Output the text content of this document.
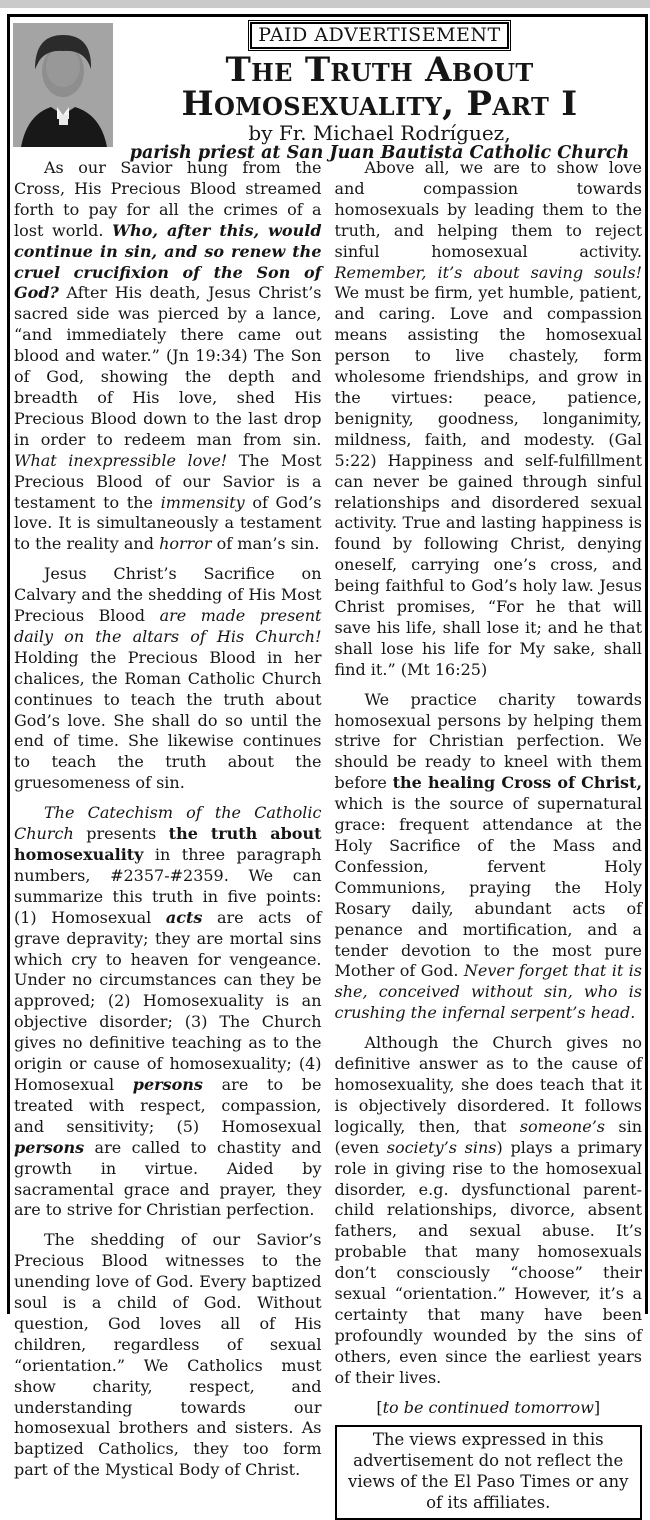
PAID ADVERTISEMENT
The Truth About
Homosexuality, Part I
by Fr. Michael Rodríguez,
parish priest at San Juan Bautista Catholic Church

As our Savior hung from the Cross, His Precious Blood streamed forth to pay for all the crimes of a lost world. Who, after this, would continue in sin, and so renew the cruel crucifixion of the Son of God? After His death, Jesus Christ’s sacred side was pierced by a lance, “and immediately there came out blood and water.” (Jn 19:34) The Son of God, showing the depth and breadth of His love, shed His Precious Blood down to the last drop in order to redeem man from sin. What inexpressible love! The Most Precious Blood of our Savior is a testament to the immensity of God’s love. It is simultaneously a testament to the reality and horror of man’s sin.

Jesus Christ’s Sacrifice on Calvary and the shedding of His Most Precious Blood are made present daily on the altars of His Church! Holding the Precious Blood in her chalices, the Roman Catholic Church continues to teach the truth about God’s love. She shall do so until the end of time. She likewise continues to teach the truth about the gruesomeness of sin.

The Catechism of the Catholic Church presents the truth about homosexuality in three paragraph numbers, #2357-#2359. We can summarize this truth in five points: (1) Homosexual acts are acts of grave depravity; they are mortal sins which cry to heaven for vengeance. Under no circumstances can they be approved; (2) Homosexuality is an objective disorder; (3) The Church gives no definitive teaching as to the origin or cause of homosexuality; (4) Homosexual persons are to be treated with respect, compassion, and sensitivity; (5) Homosexual persons are called to chastity and growth in virtue. Aided by sacramental grace and prayer, they are to strive for Christian perfection.

The shedding of our Savior’s Precious Blood witnesses to the unending love of God. Every baptized soul is a child of God. Without question, God loves all of His children, regardless of sexual “orientation.” We Catholics must show charity, respect, and understanding towards our homosexual brothers and sisters. As baptized Catholics, they too form part of the Mystical Body of Christ.

Above all, we are to show love and compassion towards homosexuals by leading them to the truth, and helping them to reject sinful homosexual activity. Remember, it’s about saving souls! We must be firm, yet humble, patient, and caring. Love and compassion means assisting the homosexual person to live chastely, form wholesome friendships, and grow in the virtues: peace, patience, benignity, goodness, longanimity, mildness, faith, and modesty. (Gal 5:22) Happiness and self-fulfillment can never be gained through sinful relationships and disordered sexual activity. True and lasting happiness is found by following Christ, denying oneself, carrying one’s cross, and being faithful to God’s holy law. Jesus Christ promises, “For he that will save his life, shall lose it; and he that shall lose his life for My sake, shall find it.” (Mt 16:25)

We practice charity towards homosexual persons by helping them strive for Christian perfection. We should be ready to kneel with them before the healing Cross of Christ, which is the source of supernatural grace: frequent attendance at the Holy Sacrifice of the Mass and Confession, fervent Holy Communions, praying the Holy Rosary daily, abundant acts of penance and mortification, and a tender devotion to the most pure Mother of God. Never forget that it is she, conceived without sin, who is crushing the infernal serpent’s head.

Although the Church gives no definitive answer as to the cause of homosexuality, she does teach that it is objectively disordered. It follows logically, then, that someone’s sin (even society’s sins) plays a primary role in giving rise to the homosexual disorder, e.g. dysfunctional parent-child relationships, divorce, absent fathers, and sexual abuse. It’s probable that many homosexuals don’t consciously “choose” their sexual “orientation.” However, it’s a certainty that many have been profoundly wounded by the sins of others, even since the earliest years of their lives.

[to be continued tomorrow]

The views expressed in this advertisement do not reflect the views of the El Paso Times or any of its affiliates.
